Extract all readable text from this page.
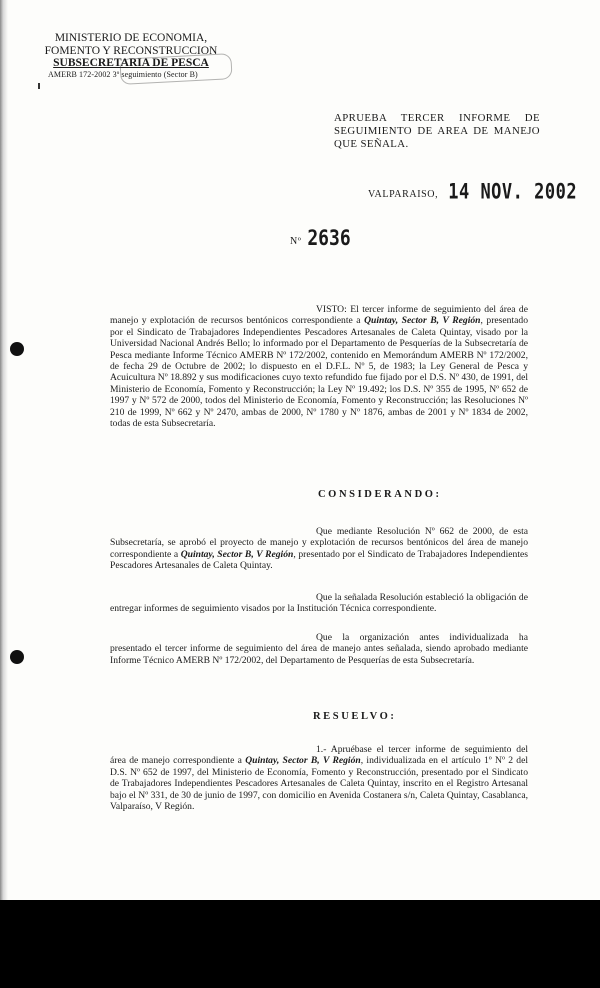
MINISTERIO DE ECONOMIA,
FOMENTO Y RECONSTRUCCION
SUBSECRETARIA DE PESCA
AMERB 172-2002 3º seguimiento (Sector B)
APRUEBA TERCER INFORME DE SEGUIMIENTO DE AREA DE MANEJO QUE SEÑALA.
VALPARAISO, 14 NOV. 2002
Nº 2636
VISTO: El tercer informe de seguimiento del área de manejo y explotación de recursos bentónicos correspondiente a Quintay, Sector B, V Región, presentado por el Sindicato de Trabajadores Independientes Pescadores Artesanales de Caleta Quintay, visado por la Universidad Nacional Andrés Bello; lo informado por el Departamento de Pesquerías de la Subsecretaría de Pesca mediante Informe Técnico AMERB Nº 172/2002, contenido en Memorándum AMERB Nº 172/2002, de fecha 29 de Octubre de 2002; lo dispuesto en el D.F.L. Nº 5, de 1983; la Ley General de Pesca y Acuicultura Nº 18.892 y sus modificaciones cuyo texto refundido fue fijado por el D.S. Nº 430, de 1991, del Ministerio de Economía, Fomento y Reconstrucción; la Ley Nº 19.492; los D.S. Nº 355 de 1995, Nº 652 de 1997 y Nº 572 de 2000, todos del Ministerio de Economía, Fomento y Reconstrucción; las Resoluciones Nº 210 de 1999, Nº 662 y Nº 2470, ambas de 2000, Nº 1780 y Nº 1876, ambas de 2001 y Nº 1834 de 2002, todas de esta Subsecretaría.
CONSIDERANDO:
Que mediante Resolución Nº 662 de 2000, de esta Subsecretaría, se aprobó el proyecto de manejo y explotación de recursos bentónicos del área de manejo correspondiente a Quintay, Sector B, V Región, presentado por el Sindicato de Trabajadores Independientes Pescadores Artesanales de Caleta Quintay.
Que la señalada Resolución estableció la obligación de entregar informes de seguimiento visados por la Institución Técnica correspondiente.
Que la organización antes individualizada ha presentado el tercer informe de seguimiento del área de manejo antes señalada, siendo aprobado mediante Informe Técnico AMERB Nº 172/2002, del Departamento de Pesquerías de esta Subsecretaría.
RESUELVO:
1.- Apruébase el tercer informe de seguimiento del área de manejo correspondiente a Quintay, Sector B, V Región, individualizada en el artículo 1º Nº 2 del D.S. Nº 652 de 1997, del Ministerio de Economía, Fomento y Reconstrucción, presentado por el Sindicato de Trabajadores Independientes Pescadores Artesanales de Caleta Quintay, inscrito en el Registro Artesanal bajo el Nº 331, de 30 de junio de 1997, con domicilio en Avenida Costanera s/n, Caleta Quintay, Casablanca, Valparaíso, V Región.
